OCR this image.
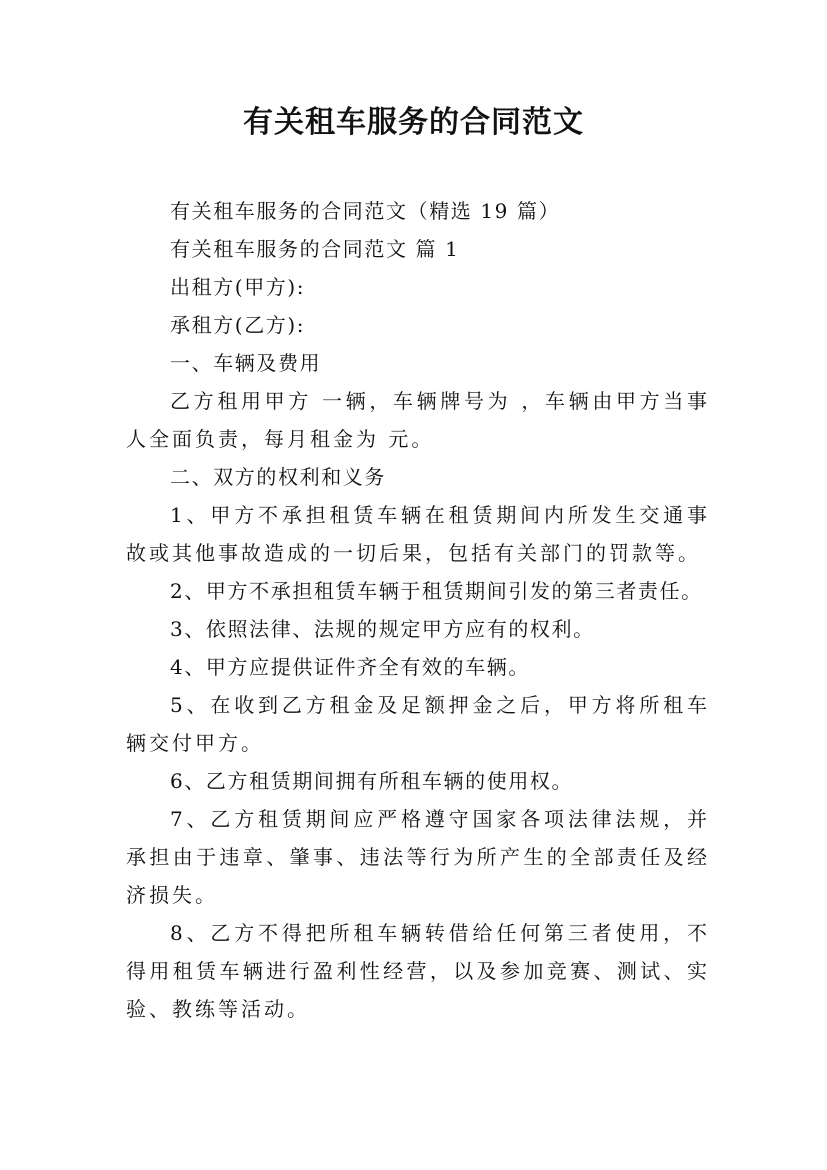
有关租车服务的合同范文

有关租车服务的合同范文（精选 19 篇）

有关租车服务的合同范文 篇 1

出租方(甲方):

承租方(乙方):

一、车辆及费用

乙方租用甲方 一辆，车辆牌号为 ，车辆由甲方当事人全面负责，每月租金为 元。

二、双方的权利和义务

1、甲方不承担租赁车辆在租赁期间内所发生交通事故或其他事故造成的一切后果，包括有关部门的罚款等。

2、甲方不承担租赁车辆于租赁期间引发的第三者责任。

3、依照法律、法规的规定甲方应有的权利。

4、甲方应提供证件齐全有效的车辆。

5、在收到乙方租金及足额押金之后，甲方将所租车辆交付甲方。

6、乙方租赁期间拥有所租车辆的使用权。

7、乙方租赁期间应严格遵守国家各项法律法规，并承担由于违章、肇事、违法等行为所产生的全部责任及经济损失。

8、乙方不得把所租车辆转借给任何第三者使用，不得用租赁车辆进行盈利性经营，以及参加竞赛、测试、实验、教练等活动。
